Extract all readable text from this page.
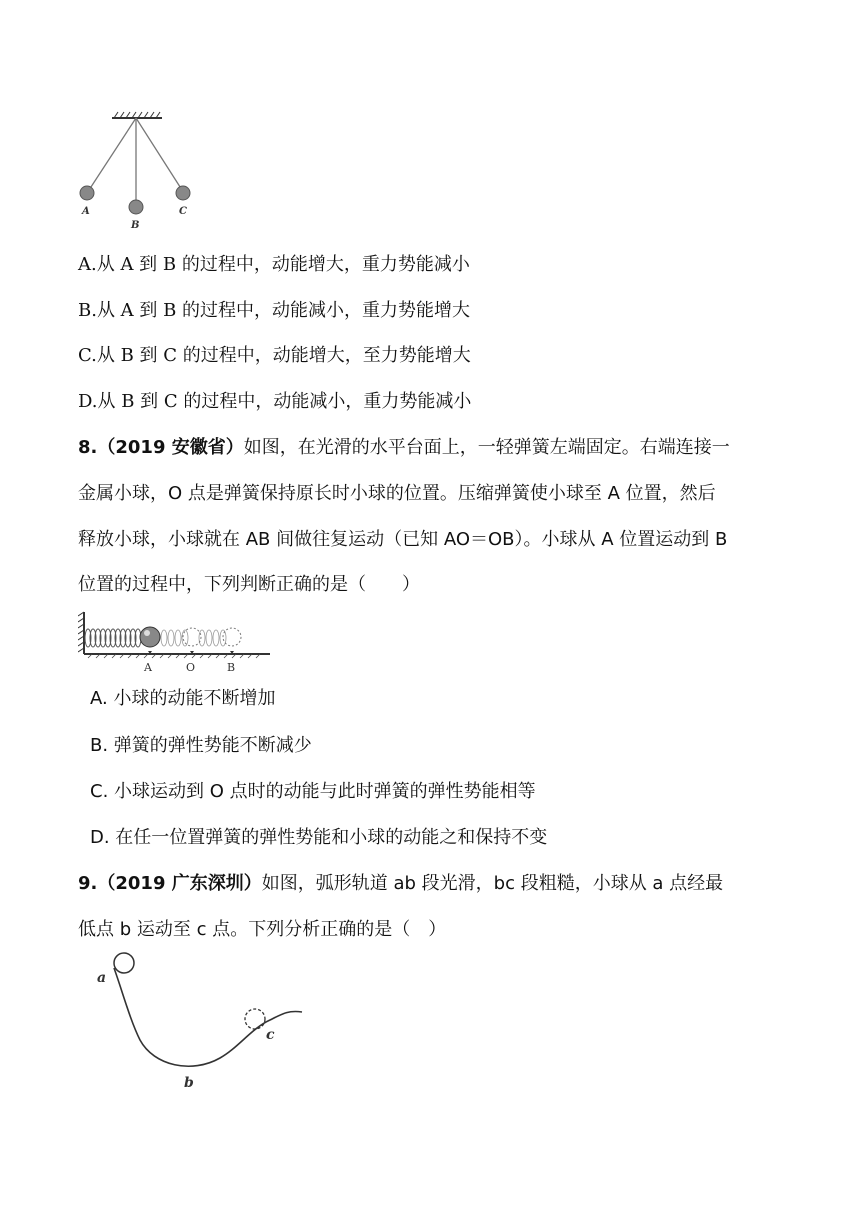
A
B
C
A.从 A 到 B 的过程中，动能增大，重力势能减小
B.从 A 到 B 的过程中，动能减小，重力势能增大
C.从 B 到 C 的过程中，动能增大，至力势能增大
D.从 B 到 C 的过程中，动能减小，重力势能减小
8.（2019 安徽省）如图，在光滑的水平台面上，一轻弹簧左端固定。右端连接一
金属小球，O 点是弹簧保持原长时小球的位置。压缩弹簧使小球至 A 位置，然后
释放小球，小球就在 AB 间做往复运动（已知 AO＝OB）。小球从 A 位置运动到 B
位置的过程中，下列判断正确的是（　　）
A	O	B
A. 小球的动能不断增加
B. 弹簧的弹性势能不断减少
C. 小球运动到 O 点时的动能与此时弹簧的弹性势能相等
D. 在任一位置弹簧的弹性势能和小球的动能之和保持不变
9.（2019 广东深圳）如图，弧形轨道 ab 段光滑，bc 段粗糙，小球从 a 点经最
低点 b 运动至 c 点。下列分析正确的是（　）
a
b
c
